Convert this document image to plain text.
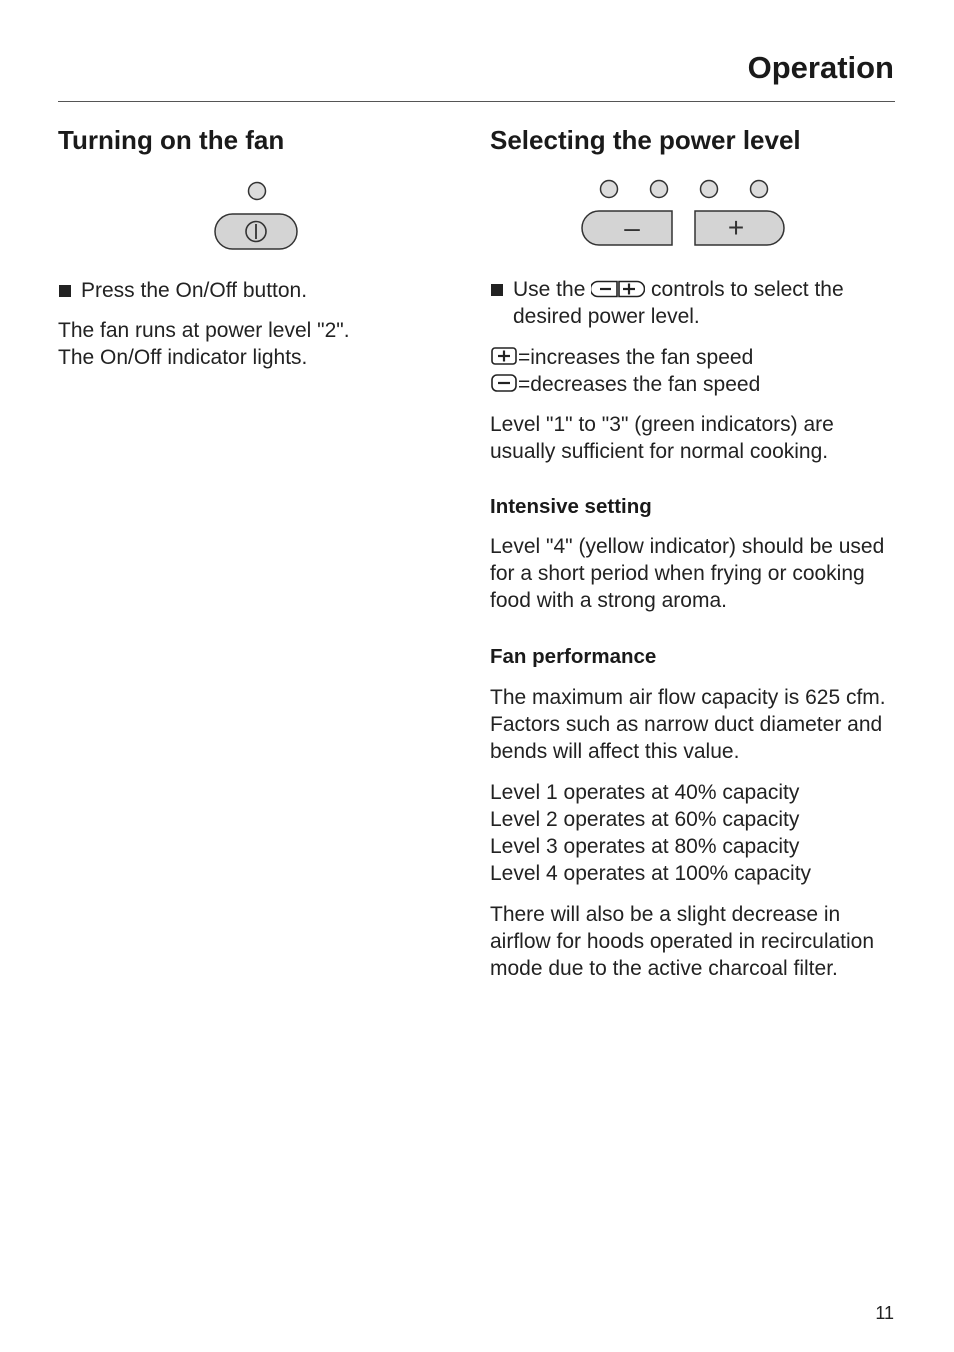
Operation
Turning on the fan
Press the On/Off button.

The fan runs at power level "2".
The On/Off indicator lights.

Selecting the power level
–	+
Use the	controls to select the desired power level.

=increases the fan speed
=decreases the fan speed

Level "1" to "3" (green indicators) are usually sufficient for normal cooking.

Intensive setting

Level "4" (yellow indicator) should be used for a short period when frying or cooking food with a strong aroma.

Fan performance

The maximum air flow capacity is 625 cfm. Factors such as narrow duct diameter and bends will affect this value.

Level 1 operates at 40% capacity
Level 2 operates at 60% capacity
Level 3 operates at 80% capacity
Level 4 operates at 100% capacity

There will also be a slight decrease in airflow for hoods operated in recirculation mode due to the active charcoal filter.

11
